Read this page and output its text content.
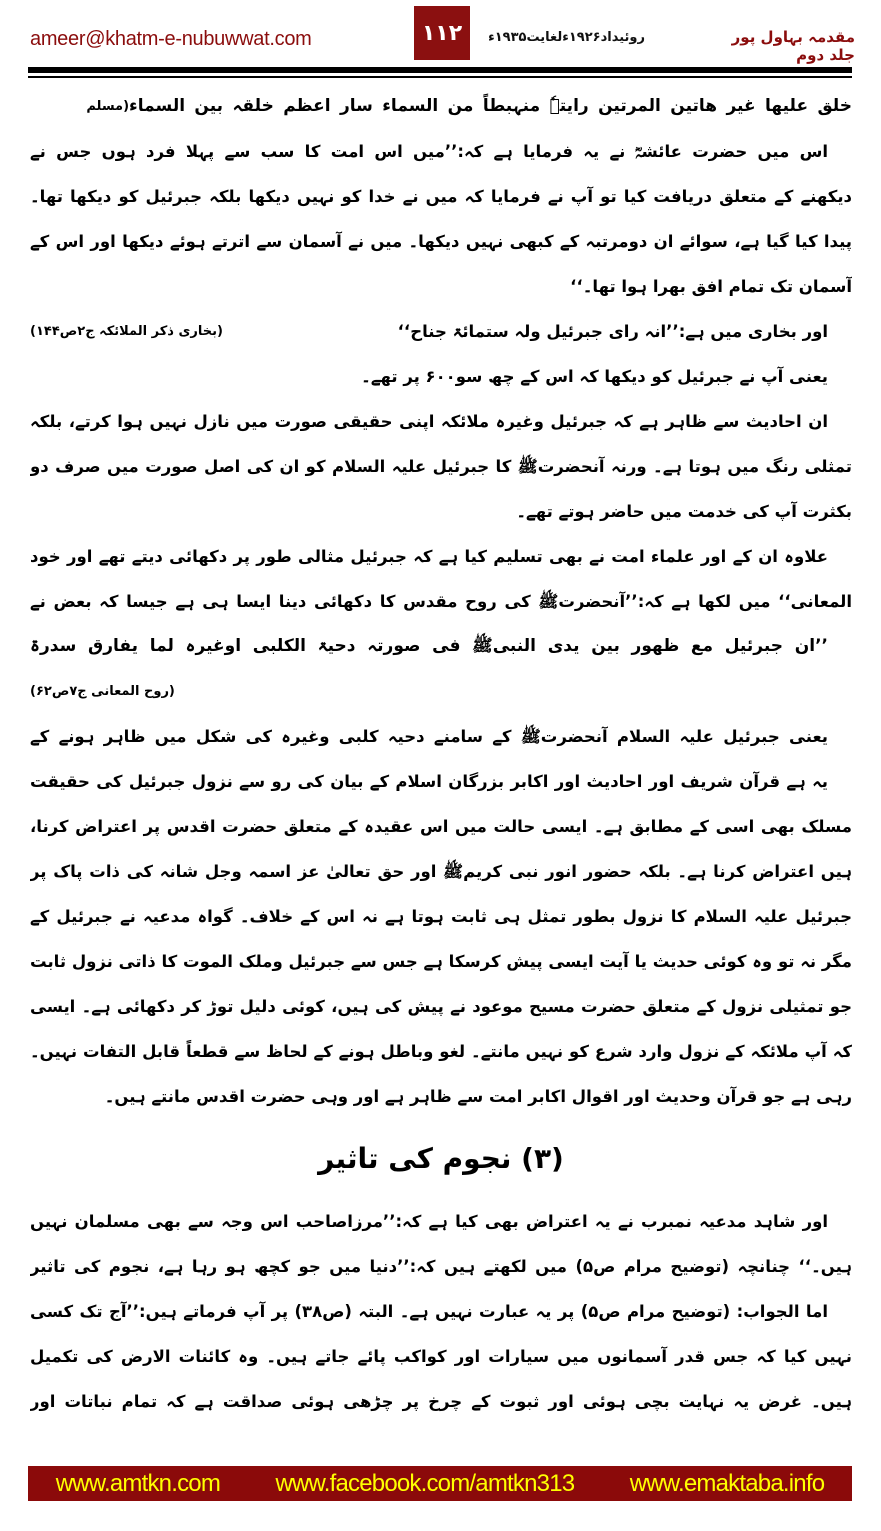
ameer@khatm-e-nubuwwat.com	۱۱۲	روئیداد۱۹۲۶ءلغایت۱۹۳۵ء	مقدمہ بہاول پور جلد دوم
خلق علیھا غیر ھاتین المرتین رایتہٗ منہبطاً من السماء سار اعظم خلقہ بین السماء
(مسلم
اس میں حضرت عائشہؓ نے یہ فرمایا ہے کہ:’’میں اس امت کا سب سے پہلا فرد ہوں جس نے
دیکھنے کے متعلق دریافت کیا تو آپ نے فرمایا کہ میں نے خدا کو نہیں دیکھا بلکہ جبرئیل کو دیکھا تھا۔
پیدا کیا گیا ہے، سوائے ان دومرتبہ کے کبھی نہیں دیکھا۔ میں نے آسمان سے اترتے ہوئے دیکھا اور اس کے
آسمان تک تمام افق بھرا ہوا تھا۔‘‘
اور بخاری میں ہے:’’انہ رای جبرئیل ولہ ستمائۃ جناح‘‘
(بخاری ذکر الملائکہ ج۲ص۱۴۴)
یعنی آپ نے جبرئیل کو دیکھا کہ اس کے چھ سو۶۰۰ پر تھے۔
ان احادیث سے ظاہر ہے کہ جبرئیل وغیرہ ملائکہ اپنی حقیقی صورت میں نازل نہیں ہوا کرتے، بلکہ
تمثلی رنگ میں ہوتا ہے۔ ورنہ آنحضرتﷺ کا جبرئیل علیہ السلام کو ان کی اصل صورت میں صرف دو
بکثرت آپ کی خدمت میں حاضر ہوتے تھے۔
علاوہ ان کے اور علماء امت نے بھی تسلیم کیا ہے کہ جبرئیل مثالی طور پر دکھائی دیتے تھے اور خود
المعانی‘‘ میں لکھا ہے کہ:’’آنحضرتﷺ کی روح مقدس کا دکھائی دینا ایسا ہی ہے جیسا کہ بعض نے
’’ان جبرئیل مع ظھور بین یدی النبیﷺ فی صورتہ دحیۃ الکلبی اوغیرہ لما یفارق سدرۃ
(روح المعانی ج۷ص۶۲)
یعنی جبرئیل علیہ السلام آنحضرتﷺ کے سامنے دحیہ کلبی وغیرہ کی شکل میں ظاہر ہونے کے
یہ ہے قرآن شریف اور احادیث اور اکابر بزرگان اسلام کے بیان کی رو سے نزول جبرئیل کی حقیقت
مسلک بھی اسی کے مطابق ہے۔ ایسی حالت میں اس عقیدہ کے متعلق حضرت اقدس پر اعتراض کرنا،
ہیں اعتراض کرنا ہے۔ بلکہ حضور انور نبی کریمﷺ اور حق تعالیٰ عز اسمہ وجل شانہ کی ذات پاک پر
جبرئیل علیہ السلام کا نزول بطور تمثل ہی ثابت ہوتا ہے نہ اس کے خلاف۔ گواہ مدعیہ نے جبرئیل کے
مگر نہ تو وہ کوئی حدیث یا آیت ایسی پیش کرسکا ہے جس سے جبرئیل وملک الموت کا ذاتی نزول ثابت
جو تمثیلی نزول کے متعلق حضرت مسیح موعود نے پیش کی ہیں، کوئی دلیل توڑ کر دکھائی ہے۔ ایسی
کہ آپ ملائکہ کے نزول وارد شرع کو نہیں مانتے۔ لغو وباطل ہونے کے لحاظ سے قطعاً قابل التفات نہیں۔
رہی ہے جو قرآن وحدیث اور اقوال اکابر امت سے ظاہر ہے اور وہی حضرت اقدس مانتے ہیں۔
(۳) نجوم کی تاثیر
اور شاہد مدعیہ نمبرب نے یہ اعتراض بھی کیا ہے کہ:’’مرزاصاحب اس وجہ سے بھی مسلمان نہیں
ہیں۔‘‘ چنانچہ (توضیح مرام ص۵) میں لکھتے ہیں کہ:’’دنیا میں جو کچھ ہو رہا ہے، نجوم کی تاثیر
اما الجواب: (توضیح مرام ص۵) پر یہ عبارت نہیں ہے۔ البتہ (ص۳۸) پر آپ فرماتے ہیں:’’آج تک کسی
نہیں کیا کہ جس قدر آسمانوں میں سیارات اور کواکب پائے جاتے ہیں۔ وہ کائنات الارض کی تکمیل
ہیں۔ غرض یہ نہایت بچی ہوئی اور ثبوت کے چرخ پر چڑھی ہوئی صداقت ہے کہ تمام نباتات اور
www.amtkn.com www.facebook.com/amtkn313 www.emaktaba.info
